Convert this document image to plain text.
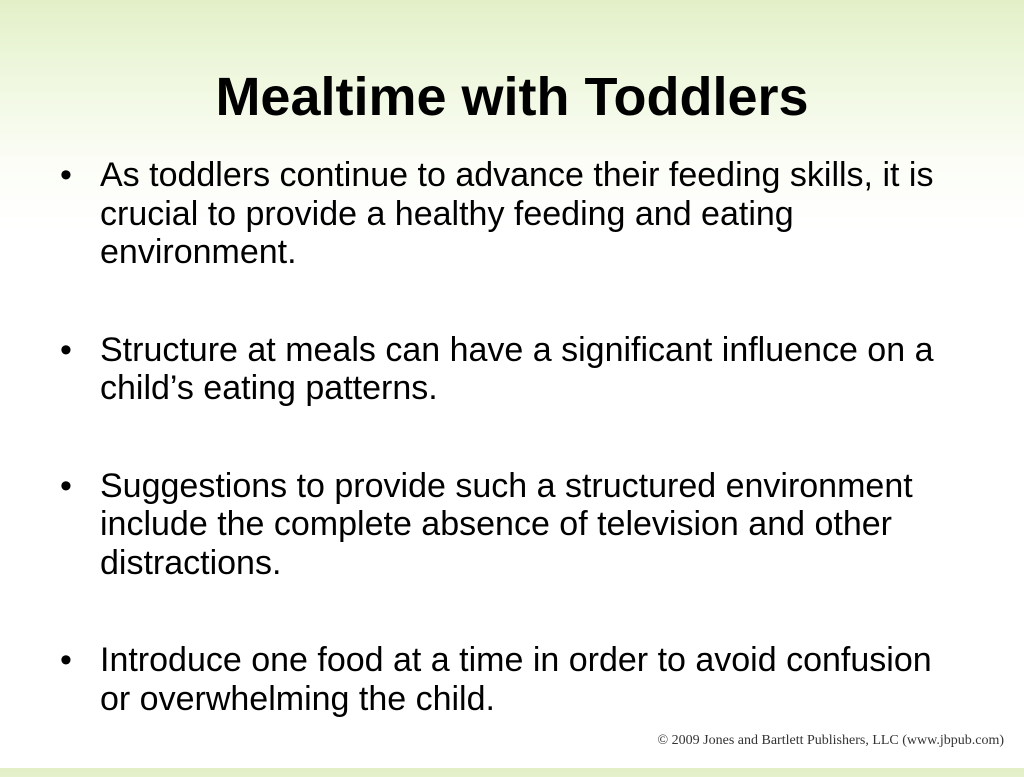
Mealtime with Toddlers
• As toddlers continue to advance their feeding skills, it is crucial to provide a healthy feeding and eating environment.
• Structure at meals can have a significant influence on a child’s eating patterns.
• Suggestions to provide such a structured environment include the complete absence of television and other distractions.
• Introduce one food at a time in order to avoid confusion or overwhelming the child.
© 2009 Jones and Bartlett Publishers, LLC (www.jbpub.com)
